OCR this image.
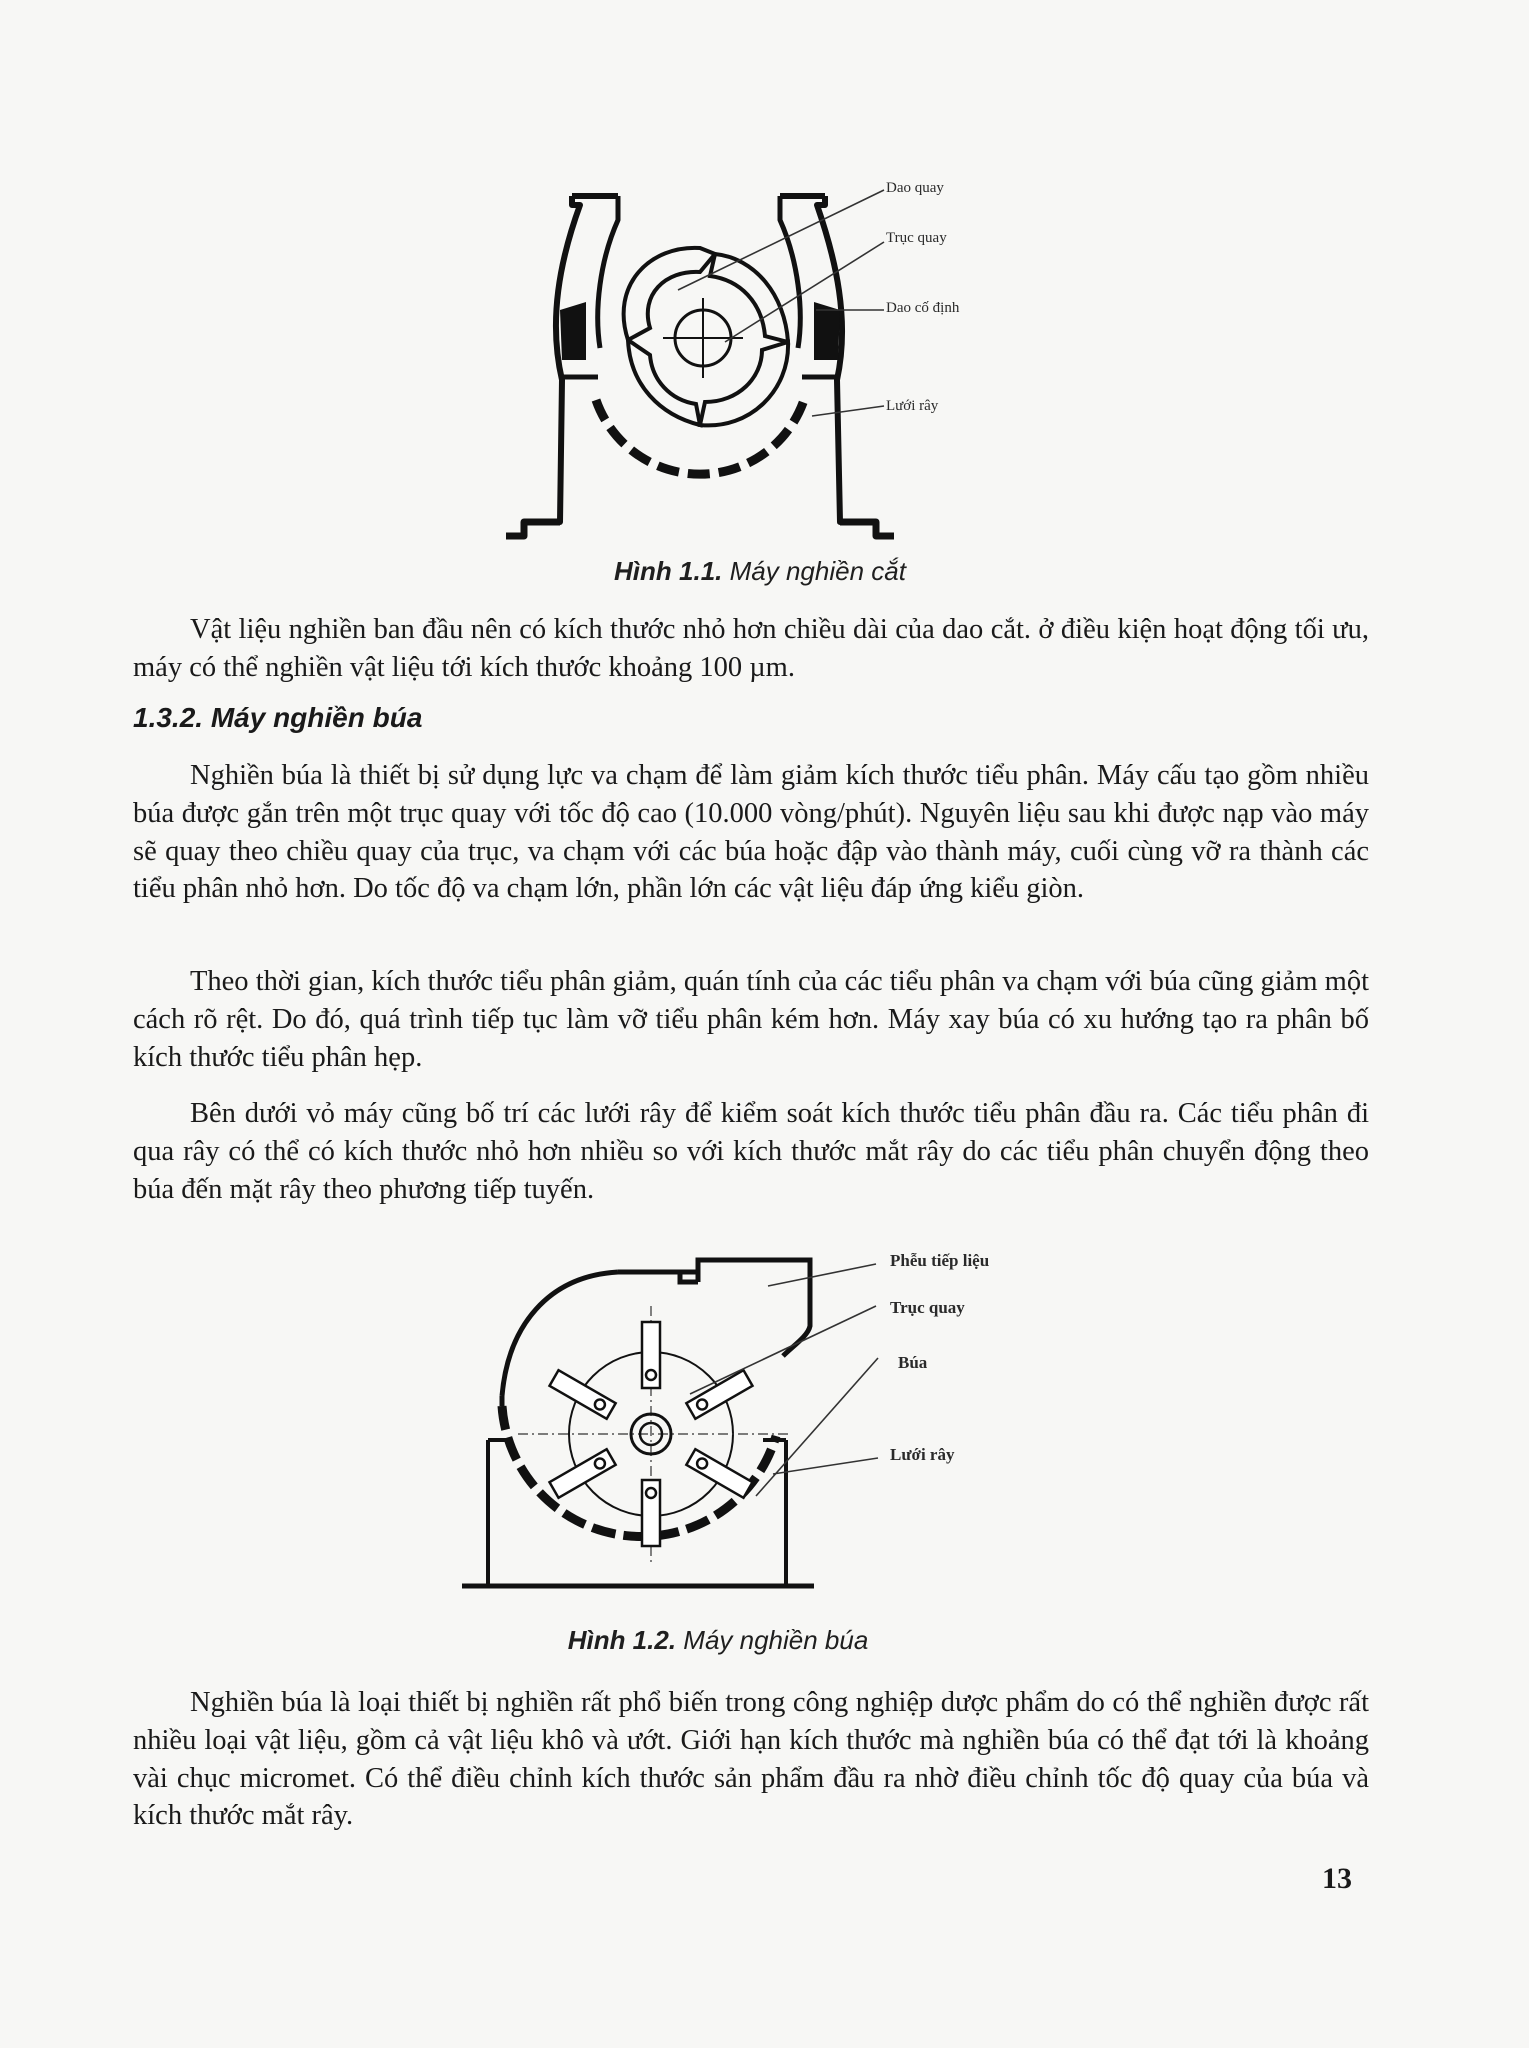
Dao quay
Trục quay
Dao cố định
Lưới rây
Hình 1.1. Máy nghiền cắt

Vật liệu nghiền ban đầu nên có kích thước nhỏ hơn chiều dài của dao cắt. ở điều kiện hoạt động tối ưu, máy có thể nghiền vật liệu tới kích thước khoảng 100 µm.

1.3.2. Máy nghiền búa

Nghiền búa là thiết bị sử dụng lực va chạm để làm giảm kích thước tiểu phân. Máy cấu tạo gồm nhiều búa được gắn trên một trục quay với tốc độ cao (10.000 vòng/phút). Nguyên liệu sau khi được nạp vào máy sẽ quay theo chiều quay của trục, va chạm với các búa hoặc đập vào thành máy, cuối cùng vỡ ra thành các tiểu phân nhỏ hơn. Do tốc độ va chạm lớn, phần lớn các vật liệu đáp ứng kiểu giòn.

Theo thời gian, kích thước tiểu phân giảm, quán tính của các tiểu phân va chạm với búa cũng giảm một cách rõ rệt. Do đó, quá trình tiếp tục làm vỡ tiểu phân kém hơn. Máy xay búa có xu hướng tạo ra phân bố kích thước tiểu phân hẹp.

Bên dưới vỏ máy cũng bố trí các lưới rây để kiểm soát kích thước tiểu phân đầu ra. Các tiểu phân đi qua rây có thể có kích thước nhỏ hơn nhiều so với kích thước mắt rây do các tiểu phân chuyển động theo búa đến mặt rây theo phương tiếp tuyến.

Phễu tiếp liệu
Trục quay
Búa
Lưới rây
Hình 1.2. Máy nghiền búa

Nghiền búa là loại thiết bị nghiền rất phổ biến trong công nghiệp dược phẩm do có thể nghiền được rất nhiều loại vật liệu, gồm cả vật liệu khô và ướt. Giới hạn kích thước mà nghiền búa có thể đạt tới là khoảng vài chục micromet. Có thể điều chỉnh kích thước sản phẩm đầu ra nhờ điều chỉnh tốc độ quay của búa và kích thước mắt rây.

13
